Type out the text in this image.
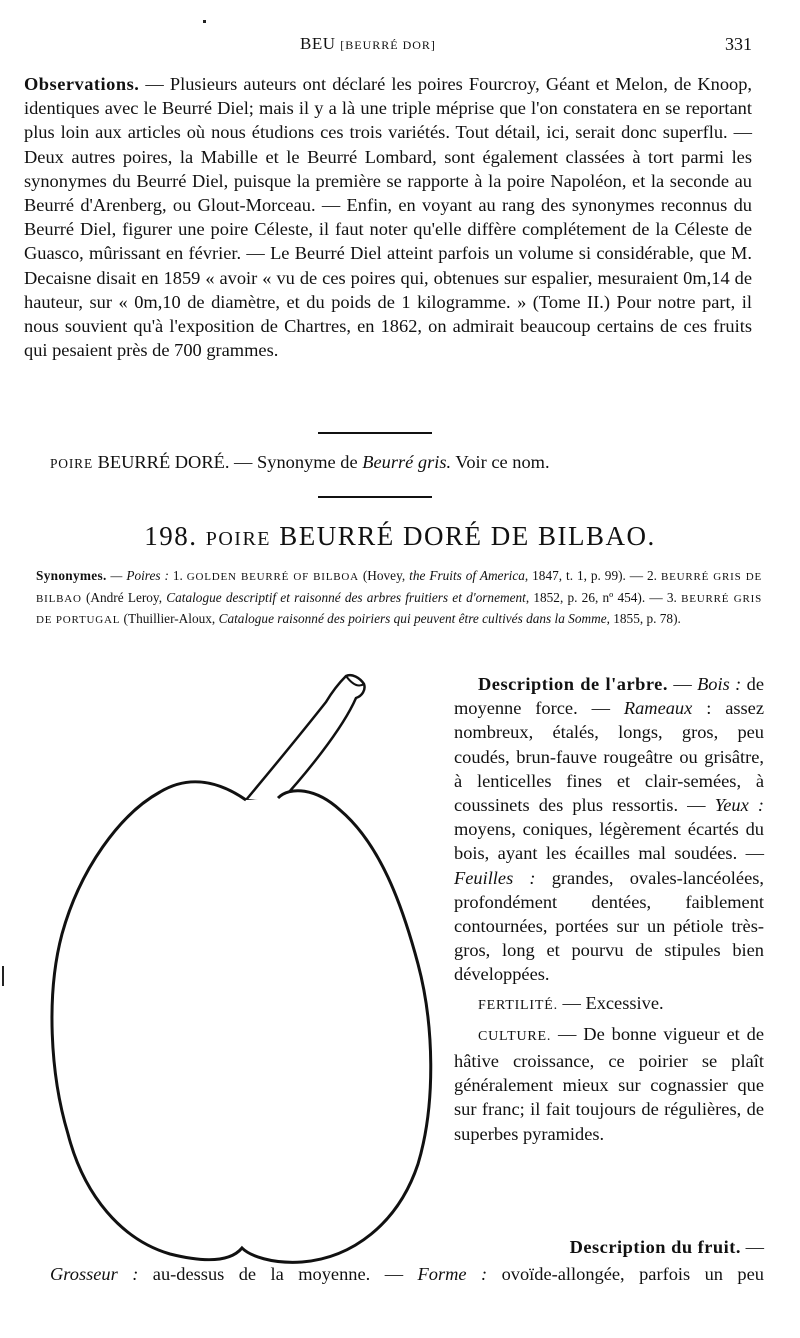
BEU [BEURRÉ DOR]	331

Observations. — Plusieurs auteurs ont déclaré les poires Fourcroy, Géant et Melon, de Knoop, identiques avec le Beurré Diel; mais il y a là une triple méprise que l'on constatera en se reportant plus loin aux articles où nous étudions ces trois variétés. Tout détail, ici, serait donc superflu. — Deux autres poires, la Mabille et le Beurré Lombard, sont également classées à tort parmi les synonymes du Beurré Diel, puisque la première se rapporte à la poire Napoléon, et la seconde au Beurré d'Arenberg, ou Glout-Morceau. — Enfin, en voyant au rang des synonymes reconnus du Beurré Diel, figurer une poire Céleste, il faut noter qu'elle diffère complétement de la Céleste de Guasco, mûrissant en février. — Le Beurré Diel atteint parfois un volume si considérable, que M. Decaisne disait en 1859 « avoir « vu de ces poires qui, obtenues sur espalier, mesuraient 0m,14 de hauteur, sur « 0m,10 de diamètre, et du poids de 1 kilogramme. » (Tome II.) Pour notre part, il nous souvient qu'à l'exposition de Chartres, en 1862, on admirait beaucoup certains de ces fruits qui pesaient près de 700 grammes.

POIRE BEURRÉ DORÉ. — Synonyme de Beurré gris. Voir ce nom.

198. POIRE BEURRÉ DORÉ DE BILBAO.

Synonymes. — Poires : 1. GOLDEN BEURRÉ OF BILBOA (Hovey, the Fruits of America, 1847, t. 1, p. 99). — 2. BEURRÉ GRIS DE BILBAO (André Leroy, Catalogue descriptif et raisonné des arbres fruitiers et d'ornement, 1852, p. 26, nº 454). — 3. BEURRÉ GRIS DE PORTUGAL (Thuillier-Aloux, Catalogue raisonné des poiriers qui peuvent être cultivés dans la Somme, 1855, p. 78).

Description de l'arbre. — Bois : de moyenne force. — Rameaux : assez nombreux, étalés, longs, gros, peu coudés, brun-fauve rougeâtre ou grisâtre, à lenticelles fines et clair-semées, à coussinets des plus ressortis. — Yeux : moyens, coniques, légèrement écartés du bois, ayant les écailles mal soudées. — Feuilles : grandes, ovales-lancéolées, profondément dentées, faiblement contournées, portées sur un pétiole très-gros, long et pourvu de stipules bien développées.

FERTILITÉ. — Excessive.

CULTURE. — De bonne vigueur et de hâtive croissance, ce poirier se plaît généralement mieux sur cognassier que sur franc; il fait toujours de régulières, de superbes pyramides.

Description du fruit. —

Grosseur : au-dessus de la moyenne. — Forme : ovoïde-allongée, parfois un peu
